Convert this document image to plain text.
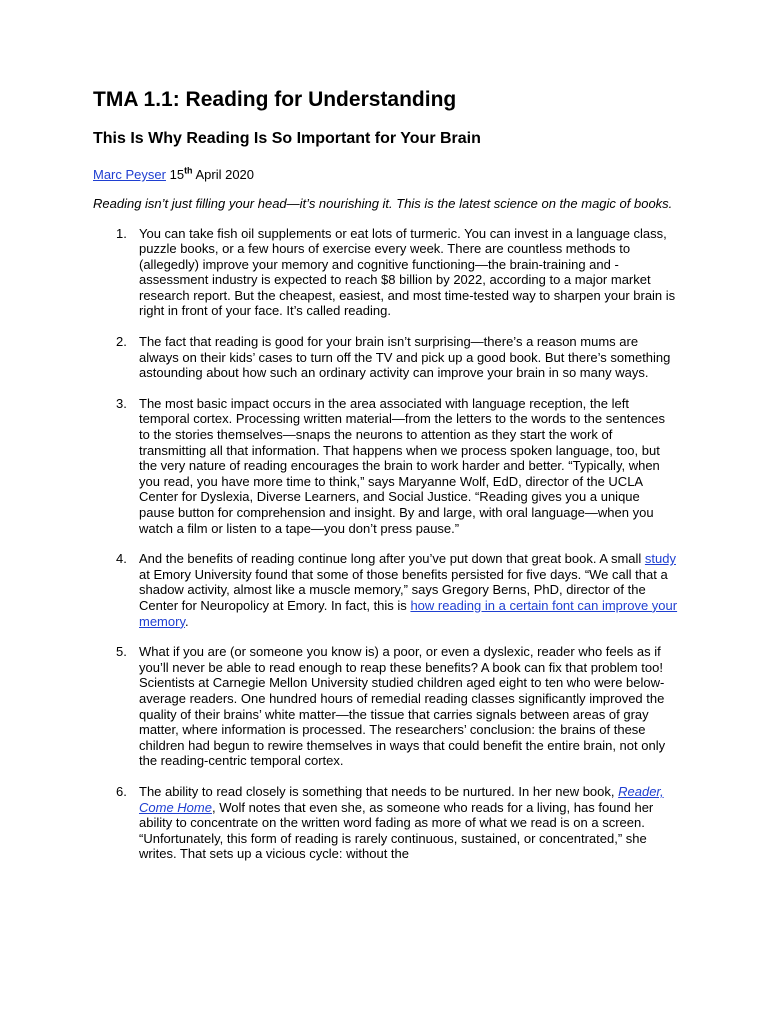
TMA 1.1: Reading for Understanding
This Is Why Reading Is So Important for Your Brain
Marc Peyser 15th April 2020

Reading isn’t just filling your head—it’s nourishing it. This is the latest science on the magic of books.

1. You can take fish oil supplements or eat lots of turmeric. You can invest in a language class, puzzle books, or a few hours of exercise every week. There are countless methods to (allegedly) improve your memory and cognitive functioning—the brain-training and -assessment industry is expected to reach $8 billion by 2022, according to a major market research report. But the cheapest, easiest, and most time-tested way to sharpen your brain is right in front of your face. It’s called reading.
2. The fact that reading is good for your brain isn’t surprising—there’s a reason mums are always on their kids’ cases to turn off the TV and pick up a good book. But there’s something astounding about how such an ordinary activity can improve your brain in so many ways.
3. The most basic impact occurs in the area associated with language reception, the left temporal cortex. Processing written material—from the letters to the words to the sentences to the stories themselves—snaps the neurons to attention as they start the work of transmitting all that information. That happens when we process spoken language, too, but the very nature of reading encourages the brain to work harder and better. “Typically, when you read, you have more time to think,” says Maryanne Wolf, EdD, director of the UCLA Center for Dyslexia, Diverse Learners, and Social Justice. “Reading gives you a unique pause button for comprehension and insight. By and large, with oral language—when you watch a film or listen to a tape—you don’t press pause.”
4. And the benefits of reading continue long after you’ve put down that great book. A small study at Emory University found that some of those benefits persisted for five days. “We call that a shadow activity, almost like a muscle memory,” says Gregory Berns, PhD, director of the Center for Neuropolicy at Emory. In fact, this is how reading in a certain font can improve your memory.
5. What if you are (or someone you know is) a poor, or even a dyslexic, reader who feels as if you’ll never be able to read enough to reap these benefits? A book can fix that problem too! Scientists at Carnegie Mellon University studied children aged eight to ten who were below-average readers. One hundred hours of remedial reading classes significantly improved the quality of their brains’ white matter—the tissue that carries signals between areas of gray matter, where information is processed. The researchers’ conclusion: the brains of these children had begun to rewire themselves in ways that could benefit the entire brain, not only the reading-centric temporal cortex.
6. The ability to read closely is something that needs to be nurtured. In her new book, Reader, Come Home, Wolf notes that even she, as someone who reads for a living, has found her ability to concentrate on the written word fading as more of what we read is on a screen. “Unfortunately, this form of reading is rarely continuous, sustained, or concentrated,” she writes. That sets up a vicious cycle: without the
